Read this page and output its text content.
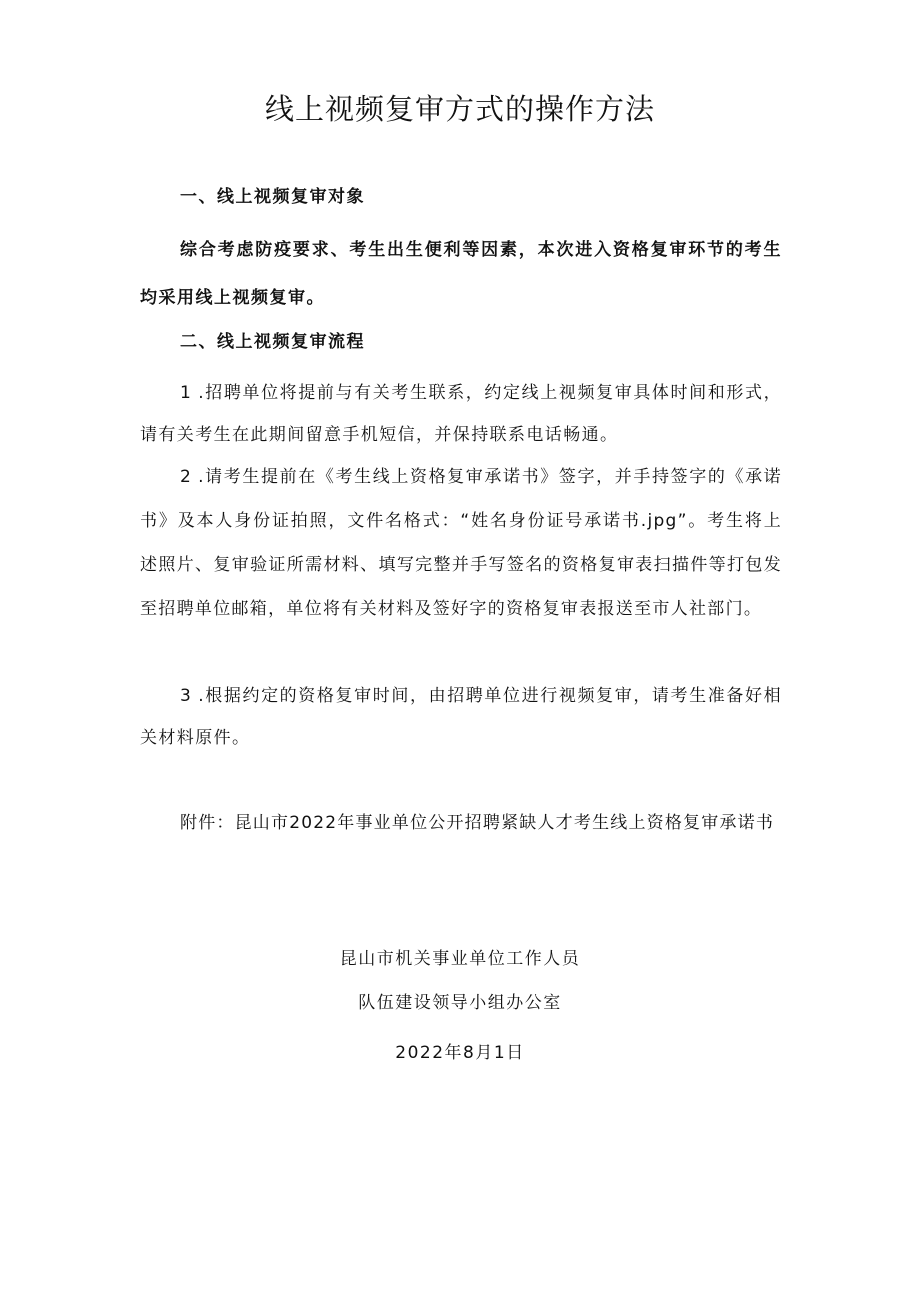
线上视频复审方式的操作方法
一、线上视频复审对象

综合考虑防疫要求、考生出生便利等因素，本次进入资格复审环节的考生均采用线上视频复审。

二、线上视频复审流程

1 .招聘单位将提前与有关考生联系，约定线上视频复审具体时间和形式，请有关考生在此期间留意手机短信，并保持联系电话畅通。

2 .请考生提前在《考生线上资格复审承诺书》签字，并手持签字的《承诺书》及本人身份证拍照，文件名格式：“姓名身份证号承诺书.jpg”。考生将上述照片、复审验证所需材料、填写完整并手写签名的资格复审表扫描件等打包发至招聘单位邮箱，单位将有关材料及签好字的资格复审表报送至市人社部门。

3 .根据约定的资格复审时间，由招聘单位进行视频复审，请考生准备好相关材料原件。

附件：昆山市2022年事业单位公开招聘紧缺人才考生线上资格复审承诺书

昆山市机关事业单位工作人员
队伍建设领导小组办公室
2022年8月1日
